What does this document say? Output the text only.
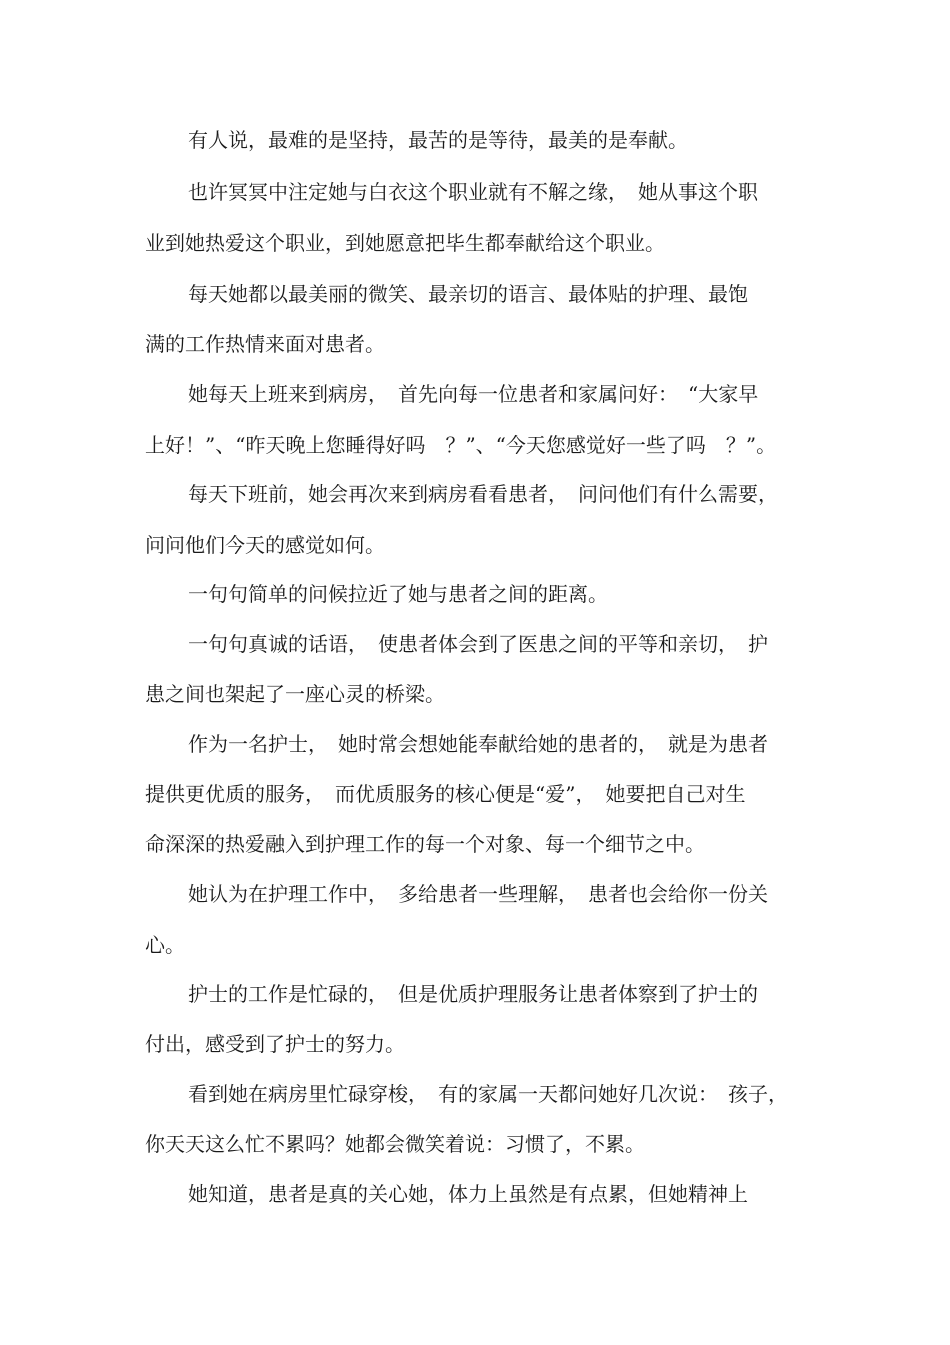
有人说，最难的是坚持，最苦的是等待，最美的是奉献。

也许冥冥中注定她与白衣这个职业就有不解之缘，　她从事这个职

业到她热爱这个职业，到她愿意把毕生都奉献给这个职业。

每天她都以最美丽的微笑、最亲切的语言、最体贴的护理、最饱

满的工作热情来面对患者。

她每天上班来到病房，　首先向每一位患者和家属问好：　“大家早

上好！”、“昨天晚上您睡得好吗　？”、“今天您感觉好一些了吗　？”。

每天下班前，她会再次来到病房看看患者，　问问他们有什么需要，

问问他们今天的感觉如何。

一句句简单的问候拉近了她与患者之间的距离。

一句句真诚的话语，　使患者体会到了医患之间的平等和亲切，　护

患之间也架起了一座心灵的桥梁。

作为一名护士，　她时常会想她能奉献给她的患者的，　就是为患者

提供更优质的服务，　而优质服务的核心便是“爱”，　她要把自己对生

命深深的热爱融入到护理工作的每一个对象、每一个细节之中。

她认为在护理工作中，　多给患者一些理解，　患者也会给你一份关

心。

护士的工作是忙碌的，　但是优质护理服务让患者体察到了护士的

付出，感受到了护士的努力。

看到她在病房里忙碌穿梭，　有的家属一天都问她好几次说：　孩子，

你天天这么忙不累吗？她都会微笑着说：习惯了，不累。

她知道，患者是真的关心她，体力上虽然是有点累，但她精神上
